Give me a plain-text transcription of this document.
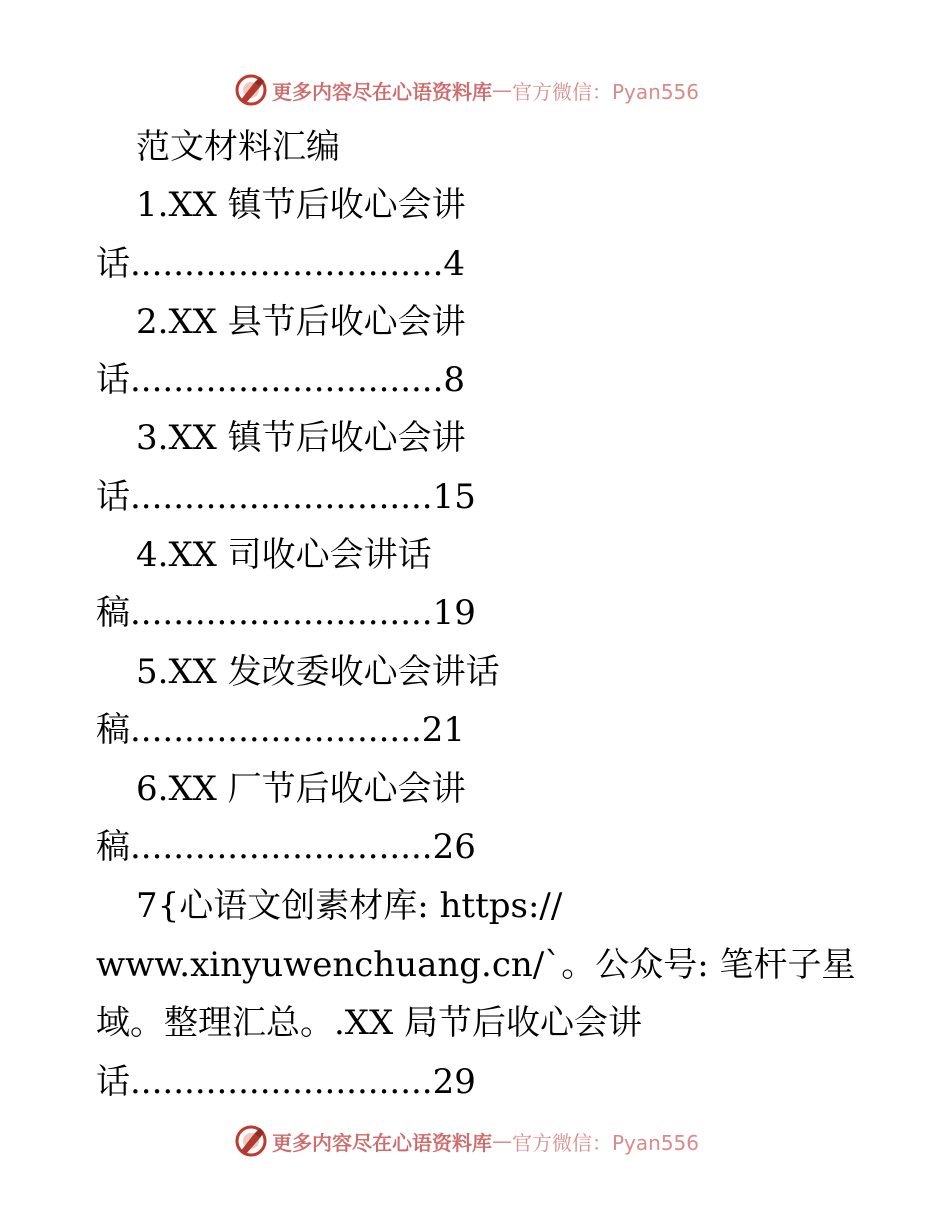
更多内容尽在心语资料库 — 官方微信：Pyan556
范文材料汇编
1.XX 镇节后收心会讲
话.............................4
2.XX 县节后收心会讲
话.............................8
3.XX 镇节后收心会讲
话............................15
4.XX 司收心会讲话
稿............................19
5.XX 发改委收心会讲话
稿...........................21
6.XX 厂节后收心会讲
稿............................26
7{心语文创素材库: https://
www.xinyuwenchuang.cn/`。公众号: 笔杆子星
域。整理汇总。.XX 局节后收心会讲
话............................29
更多内容尽在心语资料库 — 官方微信：Pyan556
